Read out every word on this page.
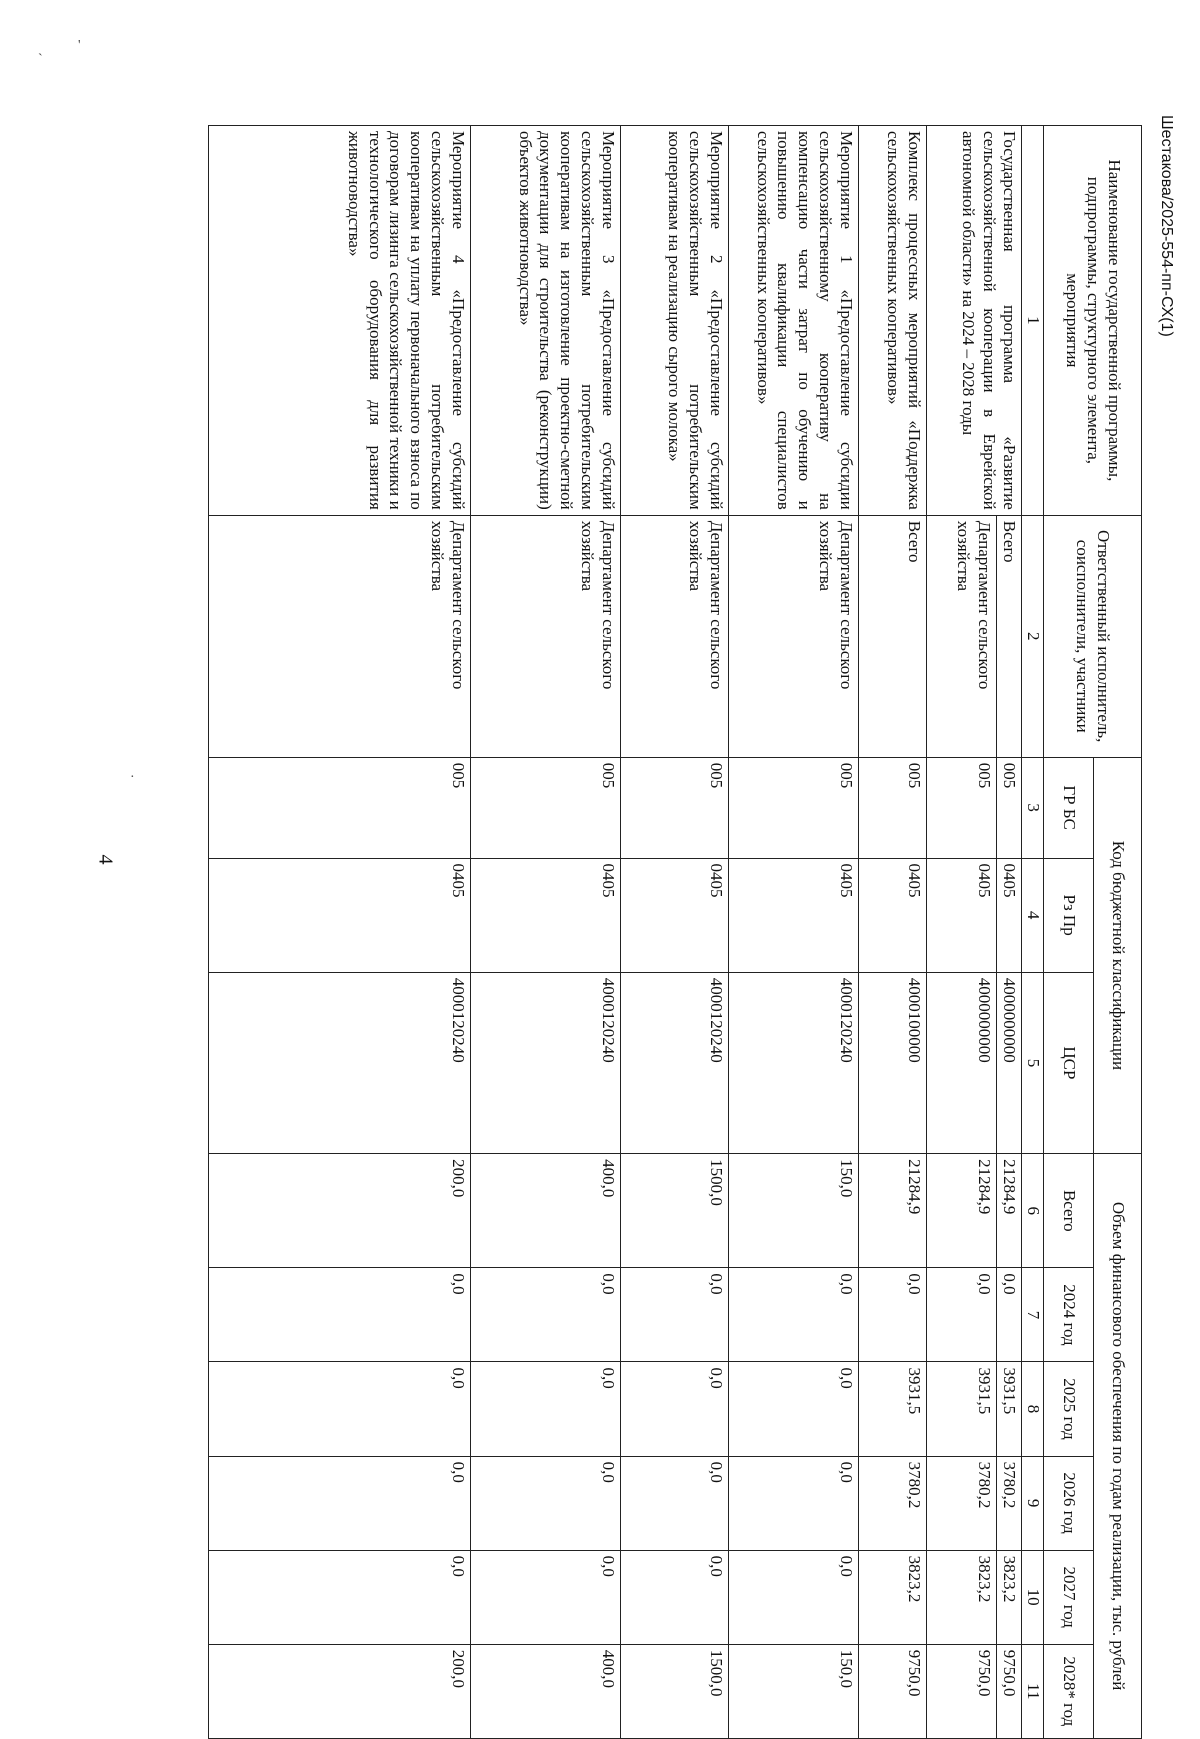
`
'
·
4
Шестакова/2025-554-пп-СХ(1)
Наименование государственной программы, подпрограммы, структурного элемента, мероприятия	Ответственный исполнитель, соисполнители, участники	Код бюджетной классификации			Объем финансового обеспечения по годам реализации, тыс. рублей					
		ГР БС	Рз Пр	ЦСР	Всего	2024 год	2025 год	2026 год	2027 год	2028* год
1	2	3	4	5	6	7	8	9	10	11
Государственная программа «Развитие сельскохозяйственной кооперации в Еврейской автономной области» на 2024 – 2028 годы	Всего	005	0405	4000000000	21284,9	0,0	3931,5	3780,2	3823,2	9750,0
	Департамент сельского хозяйства	005	0405	4000000000	21284,9	0,0	3931,5	3780,2	3823,2	9750,0
Комплекс процессных мероприятий «Поддержка сельскохозяйственных кооперативов»	Всего	005	0405	4000100000	21284,9	0,0	3931,5	3780,2	3823,2	9750,0
Мероприятие 1 «Предоставление субсидии сельскохозяйственному кооперативу на компенсацию части затрат по обучению и повышению квалификации специалистов сельскохозяйственных кооперативов»	Департамент сельского хозяйства	005	0405	4000120240	150,0	0,0	0,0	0,0	0,0	150,0
Мероприятие 2 «Предоставление субсидий сельскохозяйственным потребительским кооперативам на реализацию сырого молока»	Департамент сельского хозяйства	005	0405	4000120240	1500,0	0,0	0,0	0,0	0,0	1500,0
Мероприятие 3 «Предоставление субсидий сельскохозяйственным потребительским кооперативам на изготовление проектно-сметной документации для строительства (реконструкции) объектов животноводства»	Департамент сельского хозяйства	005	0405	4000120240	400,0	0,0	0,0	0,0	0,0	400,0
Мероприятие 4 «Предоставление субсидий сельскохозяйственным потребительским кооперативам на уплату первоначального взноса по договорам лизинга сельскохозяйственной техники и технологического оборудования для развития животноводства»	Департамент сельского хозяйства	005	0405	4000120240	200,0	0,0	0,0	0,0	0,0	200,0
